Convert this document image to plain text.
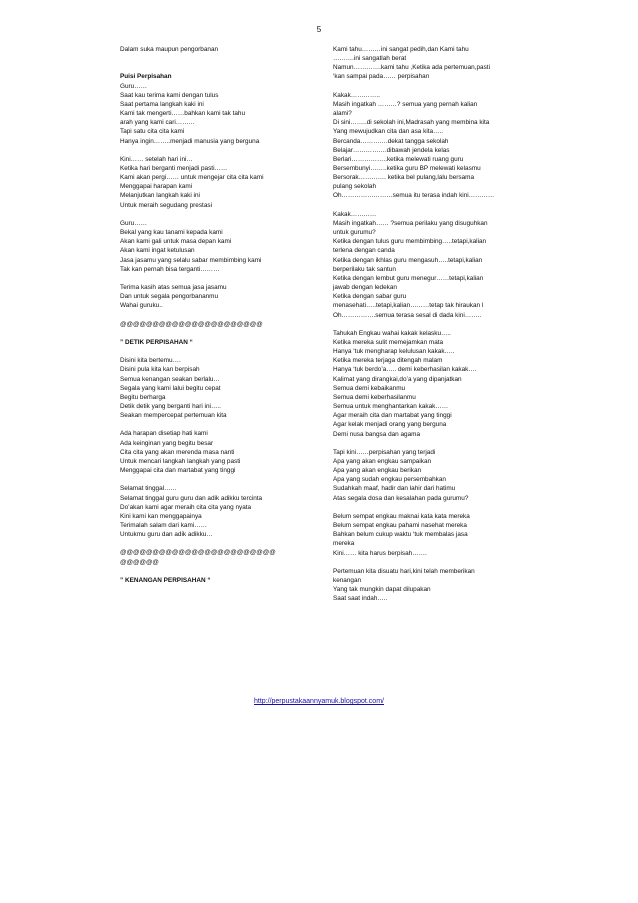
5

Dalam suka maupun pengorbanan

Puisi Perpisahan

Guru……

Saat kau terima kami dengan tulus

Saat pertama langkah kaki ini

Kami tak mengerti……bahkan kami tak tahu

arah yang kami cari………

Tapi satu cita cita kami

Hanya ingin……..menjadi manusia yang berguna

Kini…… setelah hari ini…

Ketika hari berganti menjadi pasti……

Kami akan pergi…… untuk mengejar cita cita kami

Menggapai harapan kami

Melanjutkan langkah kaki ini

Untuk meraih segudang prestasi

Guru……

Bekal yang kau tanami kepada kami

Akan kami gali untuk masa depan kami

Akan kami ingat ketulusan

Jasa jasamu yang selalu sabar membimbing kami

Tak kan pernah bisa terganti………

Terima kasih atas semua jasa jasamu

Dan untuk segala pengorbananmu

Wahai guruku..

@@@@@@@@@@@@@@@@@@@@@@

” DETIK PERPISAHAN “

Disini kita bertemu….

Disini pula kita kan berpisah

Semua kenangan seakan berlalu…

Segala yang kami lalui begitu cepat

Begitu berharga

Detik detik yang berganti hari ini…..

Seakan mempercepat pertemuan kita

Ada harapan disetiap hati kami

Ada keinginan yang begitu besar

Cita cita yang akan merenda masa nanti

Untuk mencari langkah langkah yang pasti

Menggapai cita dan martabat yang tinggi

Selamat tinggal……

Selamat tinggal guru guru dan adik adikku tercinta

Do’akan kami agar meraih cita cita yang nyata

Kini kami kan menggapainya

Terimalah salam dari kami……

Untukmu guru dan adik adikku…

@@@@@@@@@@@@@@@@@@@@@@@@

@@@@@@

” KENANGAN PERPISAHAN “

Kami tahu………ini sangat pedih,dan Kami tahu

……….ini sangatlah berat

Namun………….kami tahu ,Ketika ada pertemuan,pasti

‘kan sampai pada…… perpisahan

Kakak…………..

Masih ingatkah ………? semua yang pernah kalian

alami?

Di sini……..di sekolah ini,Madrasah yang membina kita

Yang mewujudkan cita dan asa kita…..

Bercanda………….dekat tangga sekolah

Belajar…………….dibawah jendela kelas

Berlari……………..ketika melewati ruang guru

Bersembunyi……..ketika guru BP melewati kelasmu

Bersorak…………. ketika bel pulang,lalu bersama

pulang sekolah

Oh……………………semua itu terasa indah kini…………

Kakak…………

Masih ingatkah…… ?semua perilaku yang disuguhkan

untuk gurumu?

Ketika dengan tulus guru membimbing…..tetapi,kalian

terlena dengan canda

Ketika dengan ikhlas guru mengasuh…..tetapi,kalian

berperilaku tak santun

Ketika dengan lembut guru menegur……tetapi,kalian

jawab dengan ledekan

Ketika dengan sabar guru

menasehati…..tetapi,kalian………tetap tak hiraukan l

Oh…………….semua terasa sesal di dada kini……..

Tahukah Engkau wahai kakak kelasku…..

Ketika mereka sulit memejamkan mata

Hanya ‘tuk mengharap kelulusan kakak…..

Ketika mereka terjaga ditengah malam

Hanya ‘tuk berdo’a….. demi keberhasilan kakak….

Kalimat yang dirangkai,do’a yang dipanjatkan

Semua demi kebaikanmu

Semua demi keberhasilanmu

Semua untuk menghantarkan kakak……

Agar meraih cita dan martabat yang tinggi

Agar kelak menjadi orang yang berguna

Demi nusa bangsa dan agama

Tapi kini……perpisahan yang terjadi

Apa yang akan engkau sampaikan

Apa yang akan engkau berikan

Apa yang sudah engkau persembahkan

Sudahkah maaf, hadir dan lahir dari hatimu

Atas segala dosa dan kesalahan pada gurumu?

Belum sempat engkau maknai kata kata mereka

Belum sempat engkau pahami nasehat mereka

Bahkan belum cukup waktu ‘tuk membalas jasa

mereka

Kini…… kita harus berpisah…….

Pertemuan kita disuatu hari,kini telah memberikan

kenangan

Yang tak mungkin dapat dilupakan

Saat saat indah…..

http://perpustakaannyamuk.blogspot.com/
